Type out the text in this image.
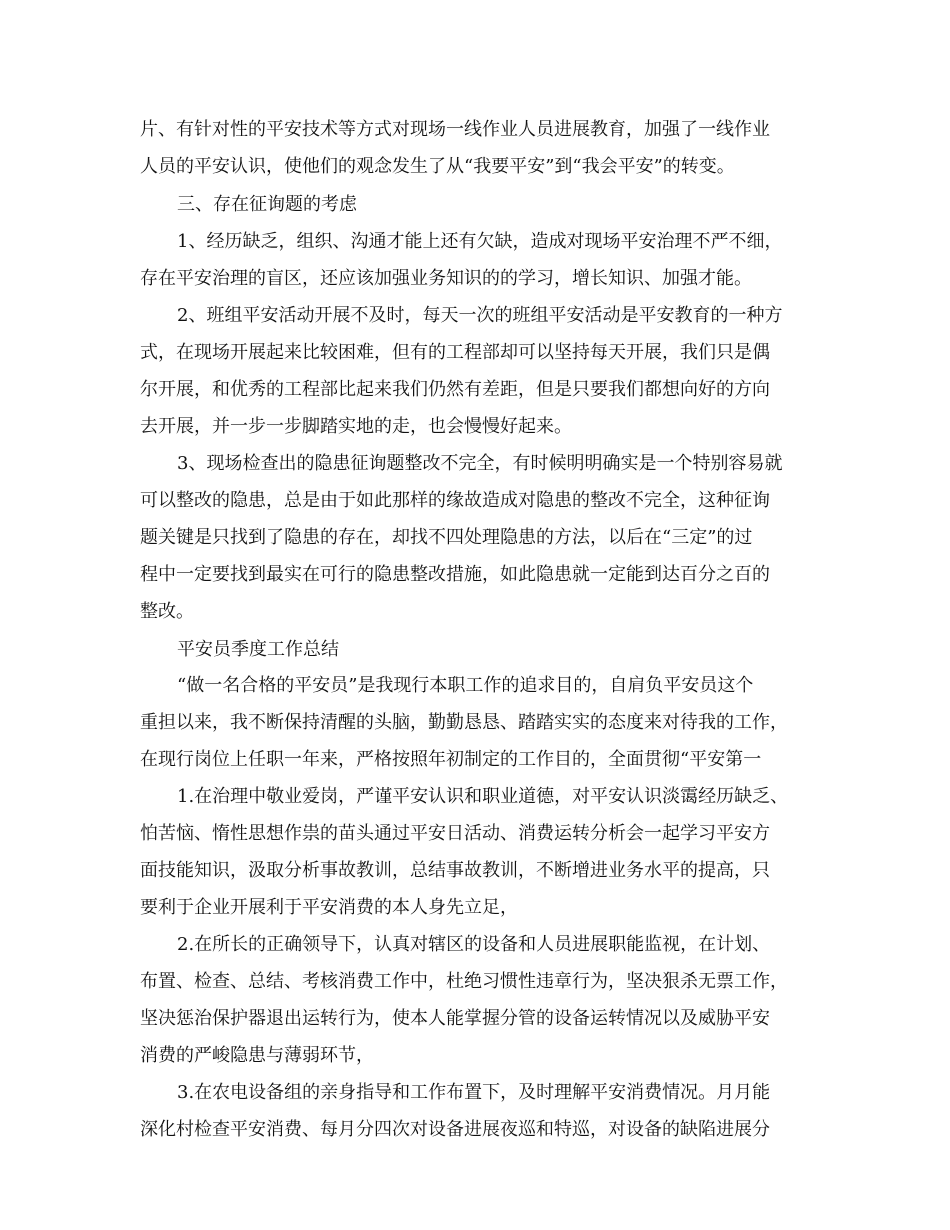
片、有针对性的平安技术等方式对现场一线作业人员进展教育，加强了一线作业
人员的平安认识，使他们的观念发生了从“我要平安”到“我会平安”的转变。
三、存在征询题的考虑
1、经历缺乏，组织、沟通才能上还有欠缺，造成对现场平安治理不严不细，
存在平安治理的盲区，还应该加强业务知识的的学习，增长知识、加强才能。
2、班组平安活动开展不及时，每天一次的班组平安活动是平安教育的一种方
式，在现场开展起来比较困难，但有的工程部却可以坚持每天开展，我们只是偶
尔开展，和优秀的工程部比起来我们仍然有差距，但是只要我们都想向好的方向
去开展，并一步一步脚踏实地的走，也会慢慢好起来。
3、现场检查出的隐患征询题整改不完全，有时候明明确实是一个特别容易就
可以整改的隐患，总是由于如此那样的缘故造成对隐患的整改不完全，这种征询
题关键是只找到了隐患的存在，却找不四处理隐患的方法，以后在“三定”的过
程中一定要找到最实在可行的隐患整改措施，如此隐患就一定能到达百分之百的
整改。
平安员季度工作总结
“做一名合格的平安员”是我现行本职工作的追求目的，自肩负平安员这个
重担以来，我不断保持清醒的头脑，勤勤恳恳、踏踏实实的态度来对待我的工作，
在现行岗位上任职一年来，严格按照年初制定的工作目的，全面贯彻“平安第一
1.在治理中敬业爱岗，严谨平安认识和职业道德，对平安认识淡霭经历缺乏、
怕苦恼、惰性思想作祟的苗头通过平安日活动、消费运转分析会一起学习平安方
面技能知识，汲取分析事故教训，总结事故教训，不断增进业务水平的提高，只
要利于企业开展利于平安消费的本人身先立足，
2.在所长的正确领导下，认真对辖区的设备和人员进展职能监视，在计划、
布置、检查、总结、考核消费工作中，杜绝习惯性违章行为，坚决狠杀无票工作，
坚决惩治保护器退出运转行为，使本人能掌握分管的设备运转情况以及威胁平安
消费的严峻隐患与薄弱环节，
3.在农电设备组的亲身指导和工作布置下，及时理解平安消费情况。月月能
深化村检查平安消费、每月分四次对设备进展夜巡和特巡，对设备的缺陷进展分
